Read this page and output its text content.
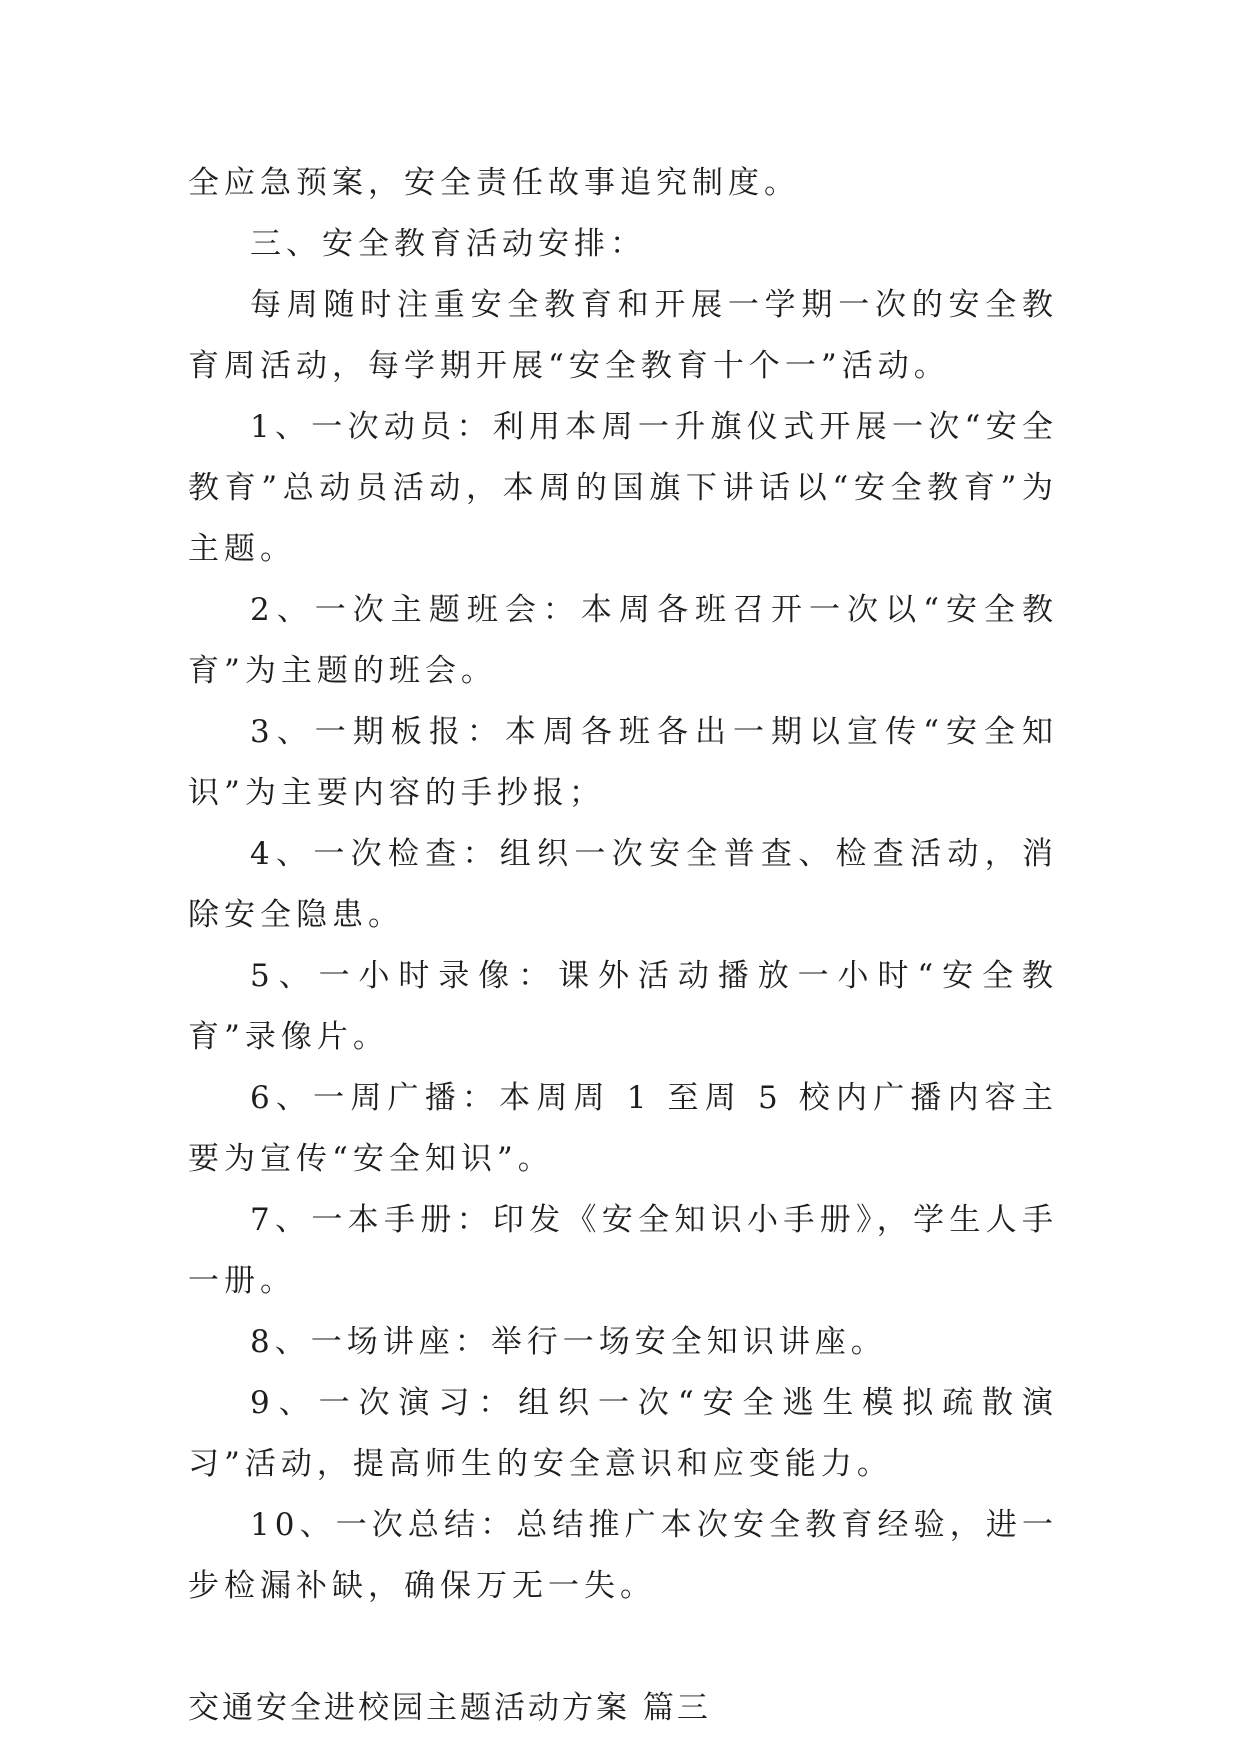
全应急预案，安全责任故事追究制度。

三、安全教育活动安排：

每周随时注重安全教育和开展一学期一次的安全教育周活动，每学期开展“安全教育十个一”活动。

1、一次动员：利用本周一升旗仪式开展一次“安全教育”总动员活动，本周的国旗下讲话以“安全教育”为主题。

2、一次主题班会：本周各班召开一次以“安全教育”为主题的班会。

3、一期板报：本周各班各出一期以宣传“安全知识”为主要内容的手抄报；

4、一次检查：组织一次安全普查、检查活动，消除安全隐患。

5、一小时录像：课外活动播放一小时“安全教育”录像片。

6、一周广播：本周周 1 至周 5 校内广播内容主要为宣传“安全知识”。

7、一本手册：印发《安全知识小手册》，学生人手一册。

8、一场讲座：举行一场安全知识讲座。

9、一次演习：组织一次“安全逃生模拟疏散演习”活动，提高师生的安全意识和应变能力。

10、一次总结：总结推广本次安全教育经验，进一步检漏补缺，确保万无一失。

交通安全进校园主题活动方案 篇三
